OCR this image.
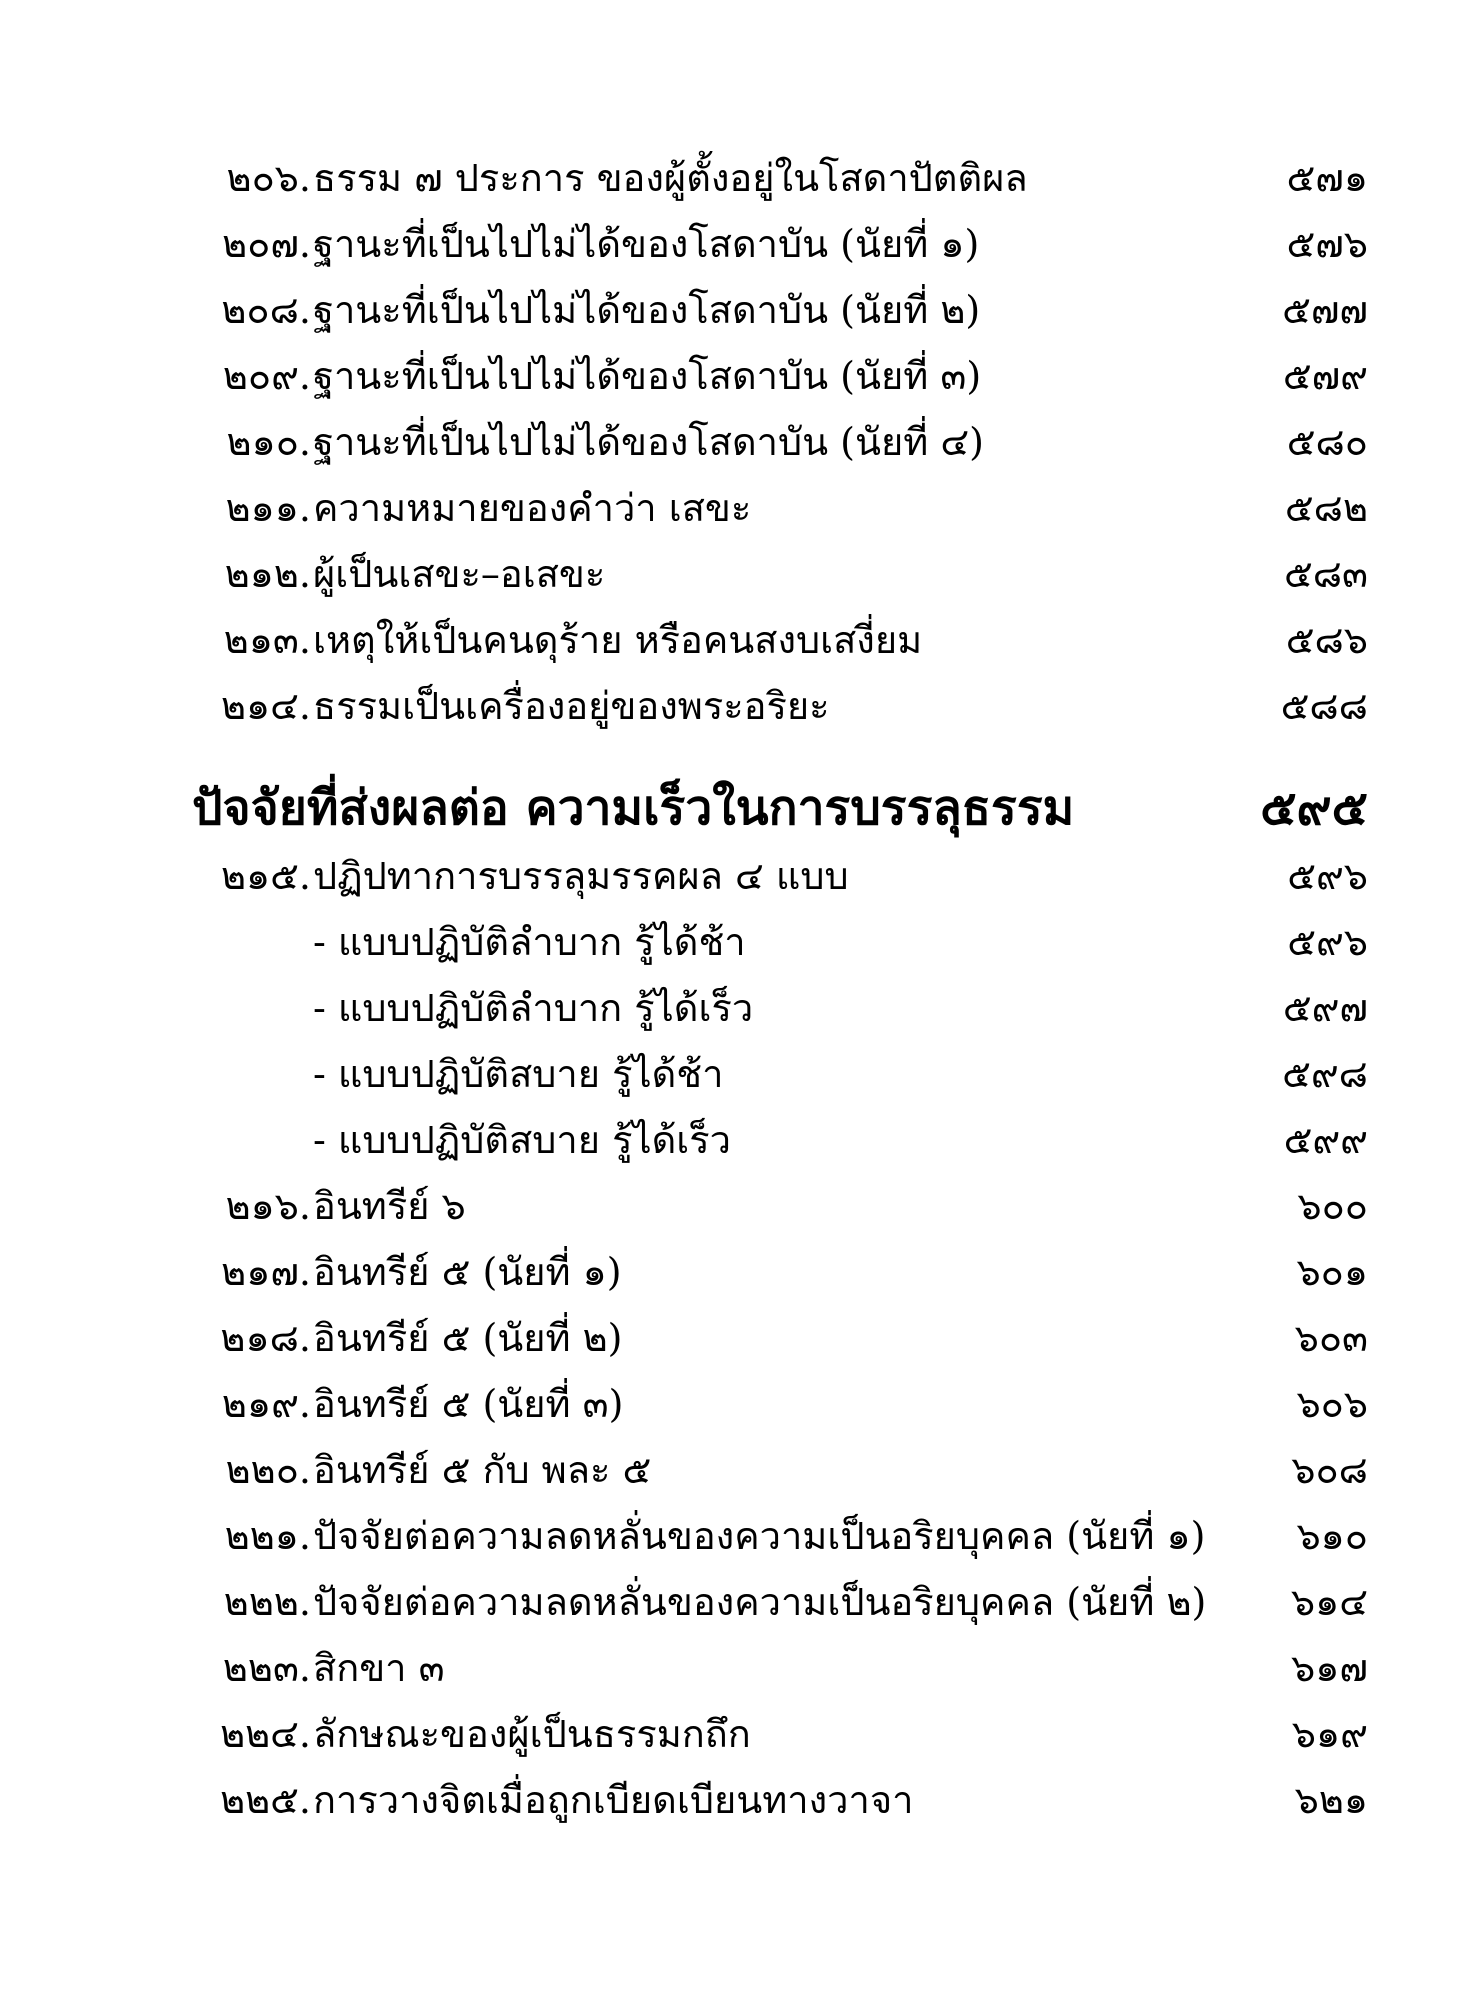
๒๐๖. ธรรม ๗ ประการ ของผู้ตั้งอยู่ในโสดาปัตติผล	๕๗๑
๒๐๗. ฐานะที่เป็นไปไม่ได้ของโสดาบัน (นัยที่ ๑)	๕๗๖
๒๐๘. ฐานะที่เป็นไปไม่ได้ของโสดาบัน (นัยที่ ๒)	๕๗๗
๒๐๙. ฐานะที่เป็นไปไม่ได้ของโสดาบัน (นัยที่ ๓)	๕๗๙
๒๑๐. ฐานะที่เป็นไปไม่ได้ของโสดาบัน (นัยที่ ๔)	๕๘๐
๒๑๑. ความหมายของคำว่า เสขะ	๕๘๒
๒๑๒. ผู้เป็นเสขะ–อเสขะ	๕๘๓
๒๑๓. เหตุให้เป็นคนดุร้าย หรือคนสงบเสงี่ยม	๕๘๖
๒๑๔. ธรรมเป็นเครื่องอยู่ของพระอริยะ	๕๘๘
ปัจจัยที่ส่งผลต่อ ความเร็วในการบรรลุธรรม	๕๙๕
๒๑๕. ปฏิปทาการบรรลุมรรคผล ๔ แบบ	๕๙๖
- แบบปฏิบัติลำบาก รู้ได้ช้า	๕๙๖
- แบบปฏิบัติลำบาก รู้ได้เร็ว	๕๙๗
- แบบปฏิบัติสบาย รู้ได้ช้า	๕๙๘
- แบบปฏิบัติสบาย รู้ได้เร็ว	๕๙๙
๒๑๖. อินทรีย์ ๖	๖๐๐
๒๑๗. อินทรีย์ ๕ (นัยที่ ๑)	๖๐๑
๒๑๘. อินทรีย์ ๕ (นัยที่ ๒)	๖๐๓
๒๑๙. อินทรีย์ ๕ (นัยที่ ๓)	๖๐๖
๒๒๐. อินทรีย์ ๕ กับ พละ ๕	๖๐๘
๒๒๑. ปัจจัยต่อความลดหลั่นของความเป็นอริยบุคคล (นัยที่ ๑) ๖๑๐
๒๒๒. ปัจจัยต่อความลดหลั่นของความเป็นอริยบุคคล (นัยที่ ๒) ๖๑๔
๒๒๓. สิกขา ๓	๖๑๗
๒๒๔. ลักษณะของผู้เป็นธรรมกถึก	๖๑๙
๒๒๕. การวางจิตเมื่อถูกเบียดเบียนทางวาจา	๖๒๑
